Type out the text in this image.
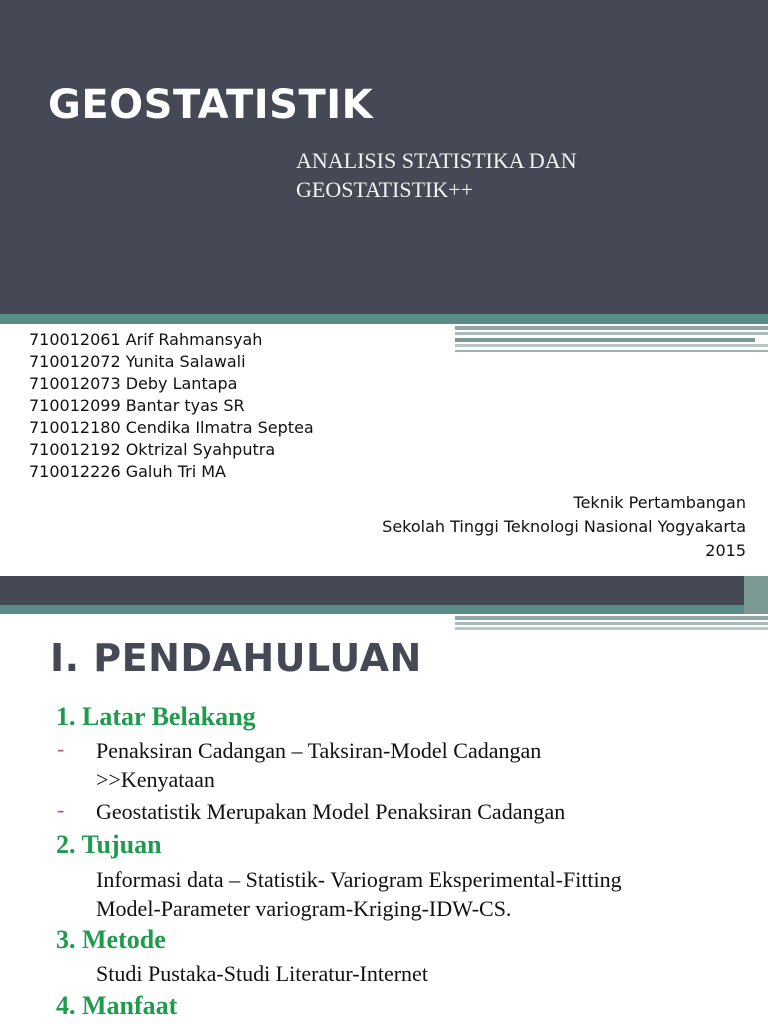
GEOSTATISTIK
ANALISIS STATISTIKA DAN
GEOSTATISTIK++
710012061 Arif Rahmansyah
710012072 Yunita Salawali
710012073 Deby Lantapa
710012099 Bantar tyas SR
710012180 Cendika Ilmatra Septea
710012192 Oktrizal Syahputra
710012226 Galuh Tri MA
Teknik Pertambangan
Sekolah Tinggi Teknologi Nasional Yogyakarta
2015
I. PENDAHULUAN
1. Latar Belakang
- Penaksiran Cadangan – Taksiran-Model Cadangan
>>Kenyataan
- Geostatistik Merupakan Model Penaksiran Cadangan
2. Tujuan
Informasi data – Statistik- Variogram Eksperimental-Fitting
Model-Parameter variogram-Kriging-IDW-CS.
3. Metode
Studi Pustaka-Studi Literatur-Internet
4. Manfaat
